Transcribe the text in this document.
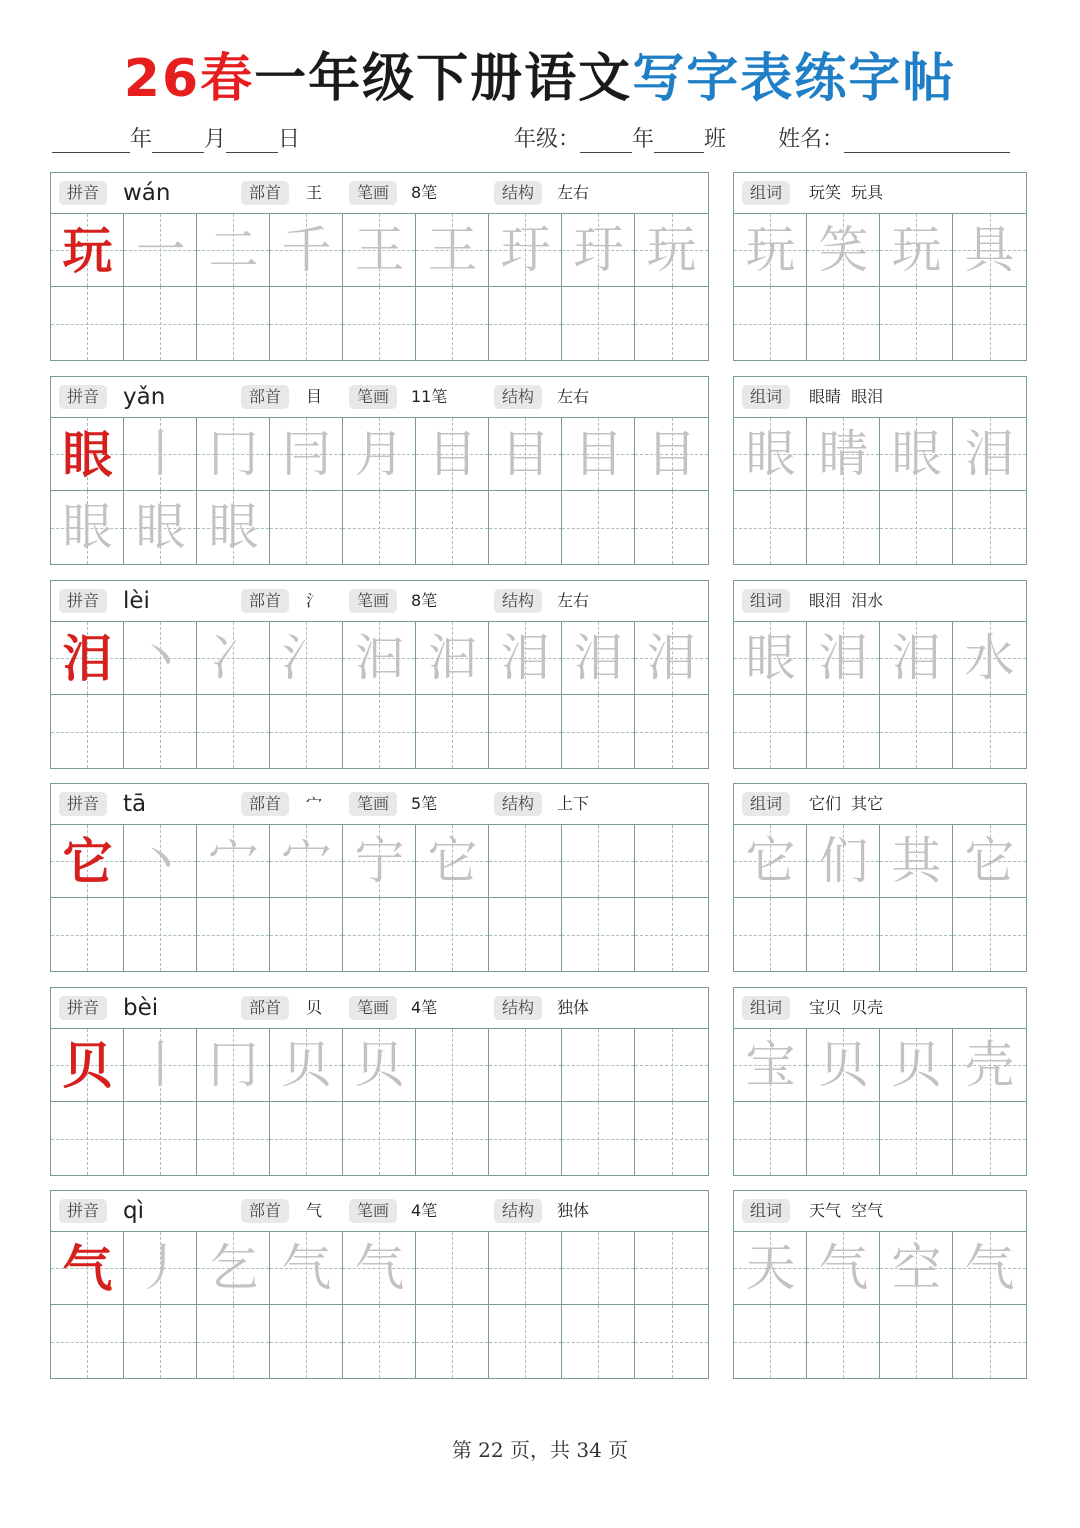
26春一年级下册语文写字表练字帖
年 月 日	年级： 年 班 姓名：
拼音	wán	部首	王	笔画	8笔	结构	左右
玩 一 二 千 王 王 玗 玗 玩
组词	玩笑  玩具
玩 笑 玩 具
拼音	yǎn	部首	目	笔画	11笔	结构	左右
眼 丨 冂 冃 月 目 目 目 目
眼 眼 眼
组词	眼睛  眼泪
眼 睛 眼 泪
拼音	lèi	部首	氵	笔画	8笔	结构	左右
泪 丶 冫 氵 汩 汩 泪 泪 泪
组词	眼泪  泪水
眼 泪 泪 水
拼音	tā	部首	宀	笔画	5笔	结构	上下
它 丶 宀 宀 宁 它
组词	它们  其它
它 们 其 它
拼音	bèi	部首	贝	笔画	4笔	结构	独体
贝 丨 冂 贝 贝
组词	宝贝  贝壳
宝 贝 贝 壳
拼音	qì	部首	气	笔画	4笔	结构	独体
气 丿 乞 气 气
组词	天气  空气
天 气 空 气
第 22 页，共 34 页
